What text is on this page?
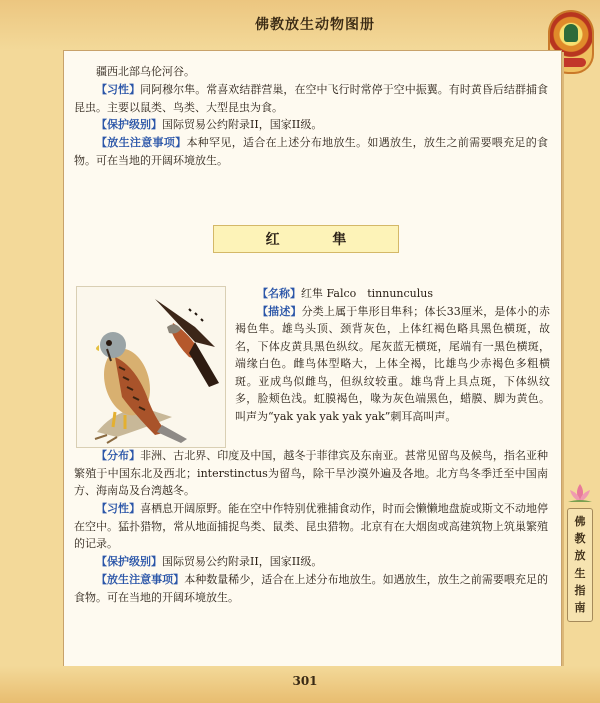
佛教放生动物图册

疆西北部乌伦河谷。

【习性】同阿穆尔隼。常喜欢结群营巢，在空中飞行时常停于空中振翼。有时黄昏后结群捕食昆虫。主要以鼠类、鸟类、大型昆虫为食。

【保护级别】国际贸易公约附录II，国家II级。

【放生注意事项】本种罕见，适合在上述分布地放生。如遇放生，放生之前需要喂充足的食物。可在当地的开阔环境放生。

红 隼
【名称】红隼 Falco　tinnunculus
【描述】分类上属于隼形目隼科；体长33厘米，是体小的赤褐色隼。雄鸟头顶、颈背灰色，上体红褐色略具黑色横斑，故名，下体皮黄具黑色纵纹。尾灰蓝无横斑，尾端有一黑色横斑，端缘白色。雌鸟体型略大，上体全褐，比雄鸟少赤褐色多粗横斑。亚成鸟似雌鸟，但纵纹较重。雄鸟背上具点斑，下体纵纹多，脸颊色浅。虹膜褐色，喙为灰色端黑色，蜡膜、脚为黄色。 叫声为“yak yak yak yak yak”刺耳高叫声。

【分布】非洲、古北界、印度及中国，越冬于菲律宾及东南亚。甚常见留鸟及候鸟，指名亚种繁殖于中国东北及西北；interstinctus为留鸟，除干旱沙漠外遍及各地。北方鸟冬季迁至中国南方、海南岛及台湾越冬。

【习性】喜栖息开阔原野。能在空中作特别优雅捕食动作，时而会懒懒地盘旋或斯文不动地停在空中。猛扑猎物，常从地面捕捉鸟类、鼠类、昆虫猎物。北京有在大烟囱或高建筑物上筑巢繁殖的记录。

【保护级别】国际贸易公约附录II，国家II级。

【放生注意事项】本种数量稀少，适合在上述分布地放生。如遇放生，放生之前需要喂充足的食物。可在当地的开阔环境放生。

301
佛
教
放
生
指
南
